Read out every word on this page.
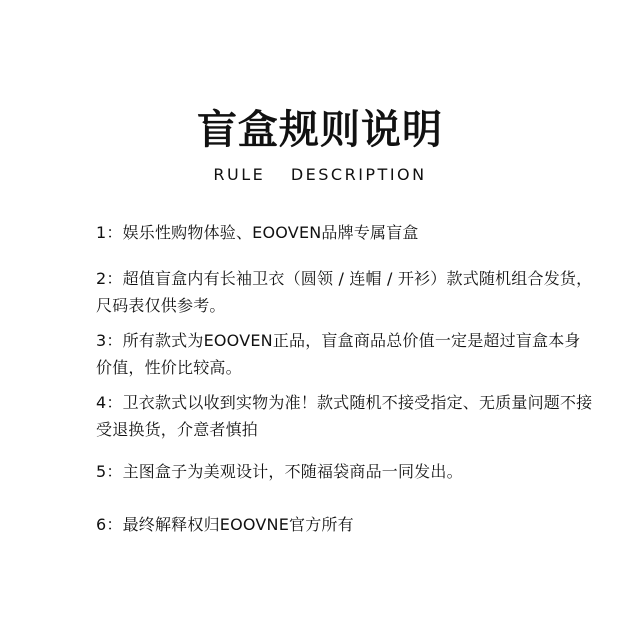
盲盒规则说明
RULE DESCRIPTION
1：娱乐性购物体验、EOOVEN品牌专属盲盒
2：超值盲盒内有长袖卫衣（圆领 / 连帽 / 开衫）款式随机组合发货，尺码表仅供参考。
3：所有款式为EOOVEN正品，盲盒商品总价值一定是超过盲盒本身价值，性价比较高。
4：卫衣款式以收到实物为准！款式随机不接受指定、无质量问题不接受退换货，介意者慎拍
5：主图盒子为美观设计，不随福袋商品一同发出。
6：最终解释权归EOOVNE官方所有
